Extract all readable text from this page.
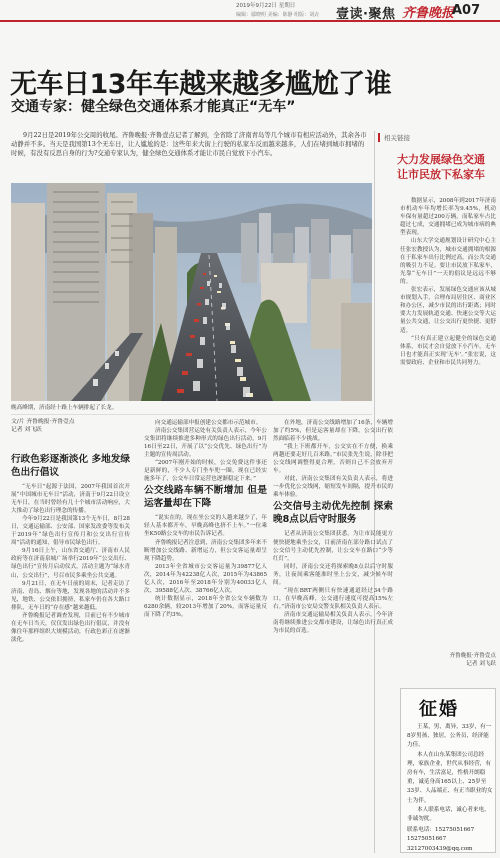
2019年9月22日 星期日
编辑：鄢晓明 美编：陈静 组版：刘垚 壹读·聚焦 齐鲁晚报
A07
无车日13年车越来越多尴尬了谁
交通专家：健全绿色交通体系才能真正“无车”
9月22日是2019年公交周的收尾。齐鲁晚报·齐鲁壹点记者了解到，全省除了济南青岛等几个城市有相应活动外，其余各市动静并不多。当天是我国第13个无车日，让人尴尬的是：这些年来大街上行驶的私家车反而越来越多，人们在堵到城市拥堵的时候，有没有反思自身的行为?交通专家认为，健全绿色交通体系才能让市民自觉放下小汽车。
晚高峰期，济南经十路上车辆排起了长龙。
文/片 齐鲁晚报·齐鲁壹点
记者 刘飞跃

行政色彩逐渐淡化 多地发绿色出行倡议

“无车日”起源于法国，2007年我国首次开展“中国城市无车日”活动，济南于9月22日设立无车日，在当时曾经有几十个城市活动响应，大大推动了绿色出行理念的传播。

今年9月22日是我国第13个无车日，8月28日，交通运输部、公安部、国家发改委等发布关于2019年“绿色出行宣传月和公交出行宣传周”活动的通知，倡导市民绿色出行。

9月16日上午，山东省交通厅、济南市人民政府等在济南泉城广场举行2019年“公交出行、绿色出行”宣传月启动仪式，活动主题为“绿水青山，公交出行”，号召市民多乘坐公共交通。

9月21日，在无车日前的周末，记者走访了济南、青岛、烟台等地，发现各地的活动并不多见，地铁、公交依旧拥挤，私家车仍在各大路口排队，无车日的“存在感”越来越低。

齐鲁晚报记者调查发现，目前已有不少城市在无车日当天，仅仅发出绿色出行倡议，并没有像往年那样组织大规模活动，行政色彩正在逐渐淡化。

向交通运输部申报创建公交都市示范城市。

济南公交集团营运处有关负责人表示，今年公交集团将继续推进多种形式的绿色出行活动，9月16日至22日，开展了以“公交优先、绿色出行”为主题的宣传周活动。

“2007年刚开始的时候，公交免费这件事还是新鲜的，不少人专门坐车兜一圈。现在已经实施多年了，公交车日常运营也逐渐稳定下来。”

公交线路车辆不断增加 但是运客量却在下降

“说实在的，现在坐公交的人越来越少了，年轻人基本都开车，早晚高峰也挤不上车。”一位乘坐K50路公交车的市民告诉记者。

齐鲁晚报记者注意到，济南公交集团多年来不断增加公交线路、新增运力，但公交客运量却呈现下降趋势。

2013年全省城市公交客运量为39877亿人次，2014年为42238亿人次，2015年为43865亿人次，2016年至2018年分别为40033亿人次、39588亿人次、38766亿人次。

统计数据显示，2018年全省公交车辆数为6280余辆，较2013年增加了20%，而客运量反而下降了约3%。

在外地，济南公交线路增加了16条，车辆增加了约5%，但是运客量却在下降，公交出行依然面临着不少挑战。

“我上下班都开车，公交实在不方便，换乘两趟还要走好几百米路。”市民张先生说，除非把公交线网调整得更合理，否则自己不会放弃开车。

对此，济南公交集团有关负责人表示，将进一步优化公交线网，缩短发车间隔，提升市民的乘车体验。

公交信号主动优先控制 探索晚8点以后守时服务

记者从济南公交集团获悉，为让市民能更方便快捷地乘坐公交，目前济南在部分路口试点了公交信号主动优先控制，让公交车在路口“少等红灯”。

同时，济南公交还将探索晚8点以后守时服务，让夜间乘客能准时坐上公交，减少候车时间。

“现在BRT两侧只有快速通道经过34个路口，在早晚高峰，公交通行速度可提高15%左右。”济南市公安局交警支队相关负责人表示。

济南市交通运输局相关负责人表示，今年济南将继续推进公交都市建设，让绿色出行真正成为市民的首选。

相关链接
大力发展绿色交通 让市民放下私家车

数据显示，2008年到2017年济南市机动车年均增长率为9.45%，机动车保有量超过200万辆，而私家车占比超过七成，交通拥堵已成为城市病的典型表现。

山东大学交通规划设计研究中心主任张宏教授认为，城市交通拥堵的根源在于私家车出行比例过高，而公共交通的吸引力不足。要让市民放下私家车，光靠“无车日”一天的倡议是远远不够的。

张宏表示，发展绿色交通应该从城市规划入手，合理布局居住区、商业区和办公区，减少市民的出行距离；同时要大力发展轨道交通、快速公交等大运量公共交通，让公交出行更快捷、更舒适。

“只有真正建立起健全的绿色交通体系，市民才会自觉放下小汽车，无车日也才能真正实现‘无车’。”张宏说，这需要政府、企业和市民共同努力。

齐鲁晚报·齐鲁壹点
记者 刘飞跃
征婚

王某，男，离异，33岁，有一8岁男孩，独居，公务员，经济能力佳。

本人在山东某集团公司总经理，家族企业，世代从事经营，有房有车，生活富足，性格开朗稳重，诚觅身高165以上、25岁至33岁、人品端正、有正当职业的女士为伴。

本人联系电话，诚心者来电，非诚勿扰。

联系电话：15275051667
15275051667
32127003439@qq.com
